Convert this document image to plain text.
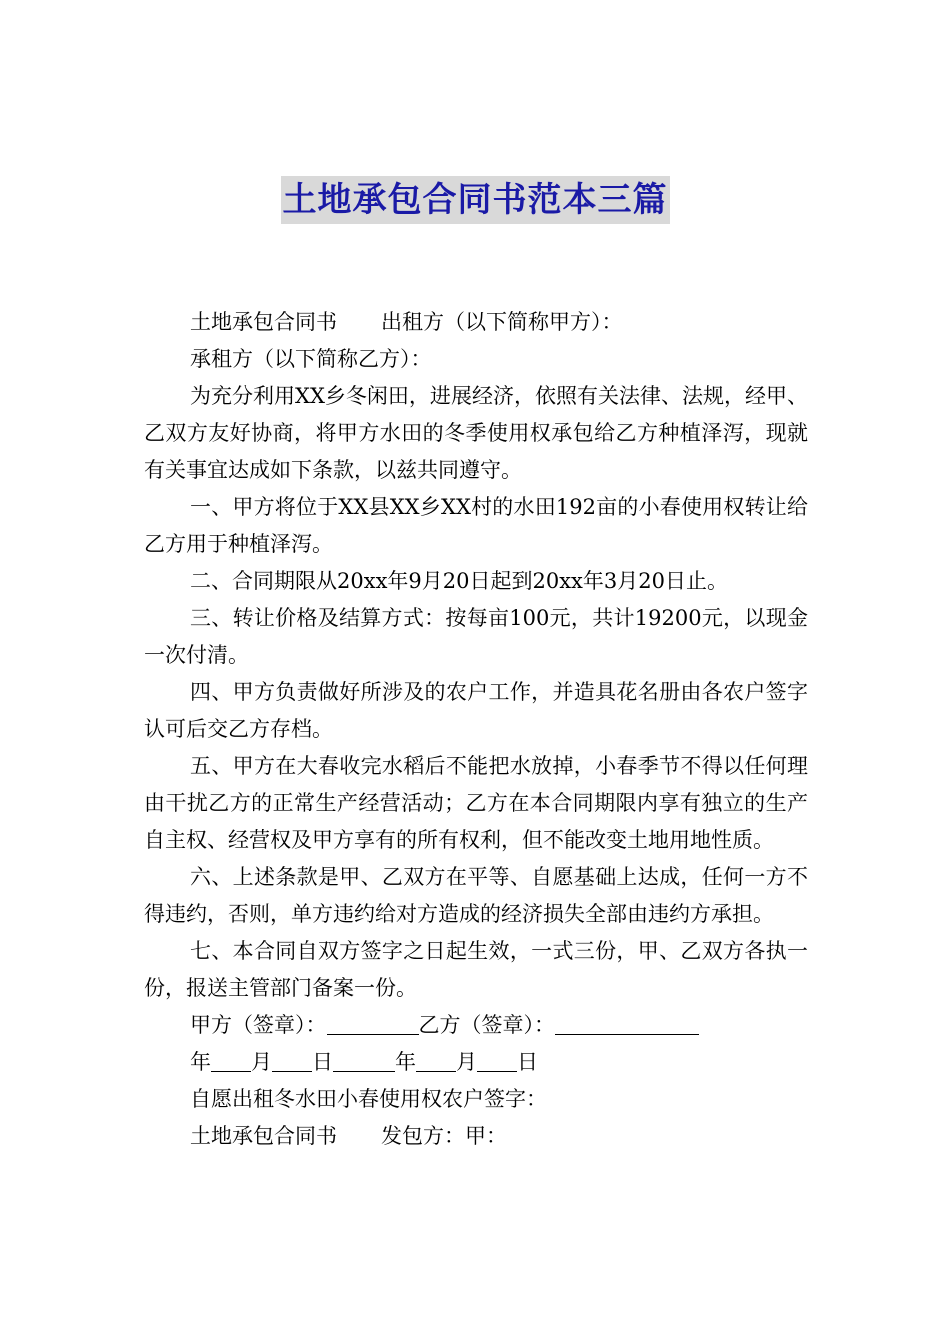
土地承包合同书范本三篇

土地承包合同书 出租方（以下简称甲方）：

承租方（以下简称乙方）：

为充分利用XX乡冬闲田，进展经济，依照有关法律、法规，经甲、乙双方友好协商，将甲方水田的冬季使用权承包给乙方种植泽泻，现就有关事宜达成如下条款，以兹共同遵守。

一、甲方将位于XX县XX乡XX村的水田192亩的小春使用权转让给乙方用于种植泽泻。

二、合同期限从20xx年9月20日起到20xx年3月20日止。

三、转让价格及结算方式：按每亩100元，共计19200元，以现金一次付清。

四、甲方负责做好所涉及的农户工作，并造具花名册由各农户签字认可后交乙方存档。

五、甲方在大春收完水稻后不能把水放掉，小春季节不得以任何理由干扰乙方的正常生产经营活动；乙方在本合同期限内享有独立的生产自主权、经营权及甲方享有的所有权利，但不能改变土地用地性质。

六、上述条款是甲、乙双方在平等、自愿基础上达成，任何一方不得违约，否则，单方违约给对方造成的经济损失全部由违约方承担。

七、本合同自双方签字之日起生效，一式三份，甲、乙双方各执一份，报送主管部门备案一份。

甲方（签章）：	乙方（签章）：

年 月 日	年 月 日

自愿出租冬水田小春使用权农户签字：

土地承包合同书 发包方：甲：
